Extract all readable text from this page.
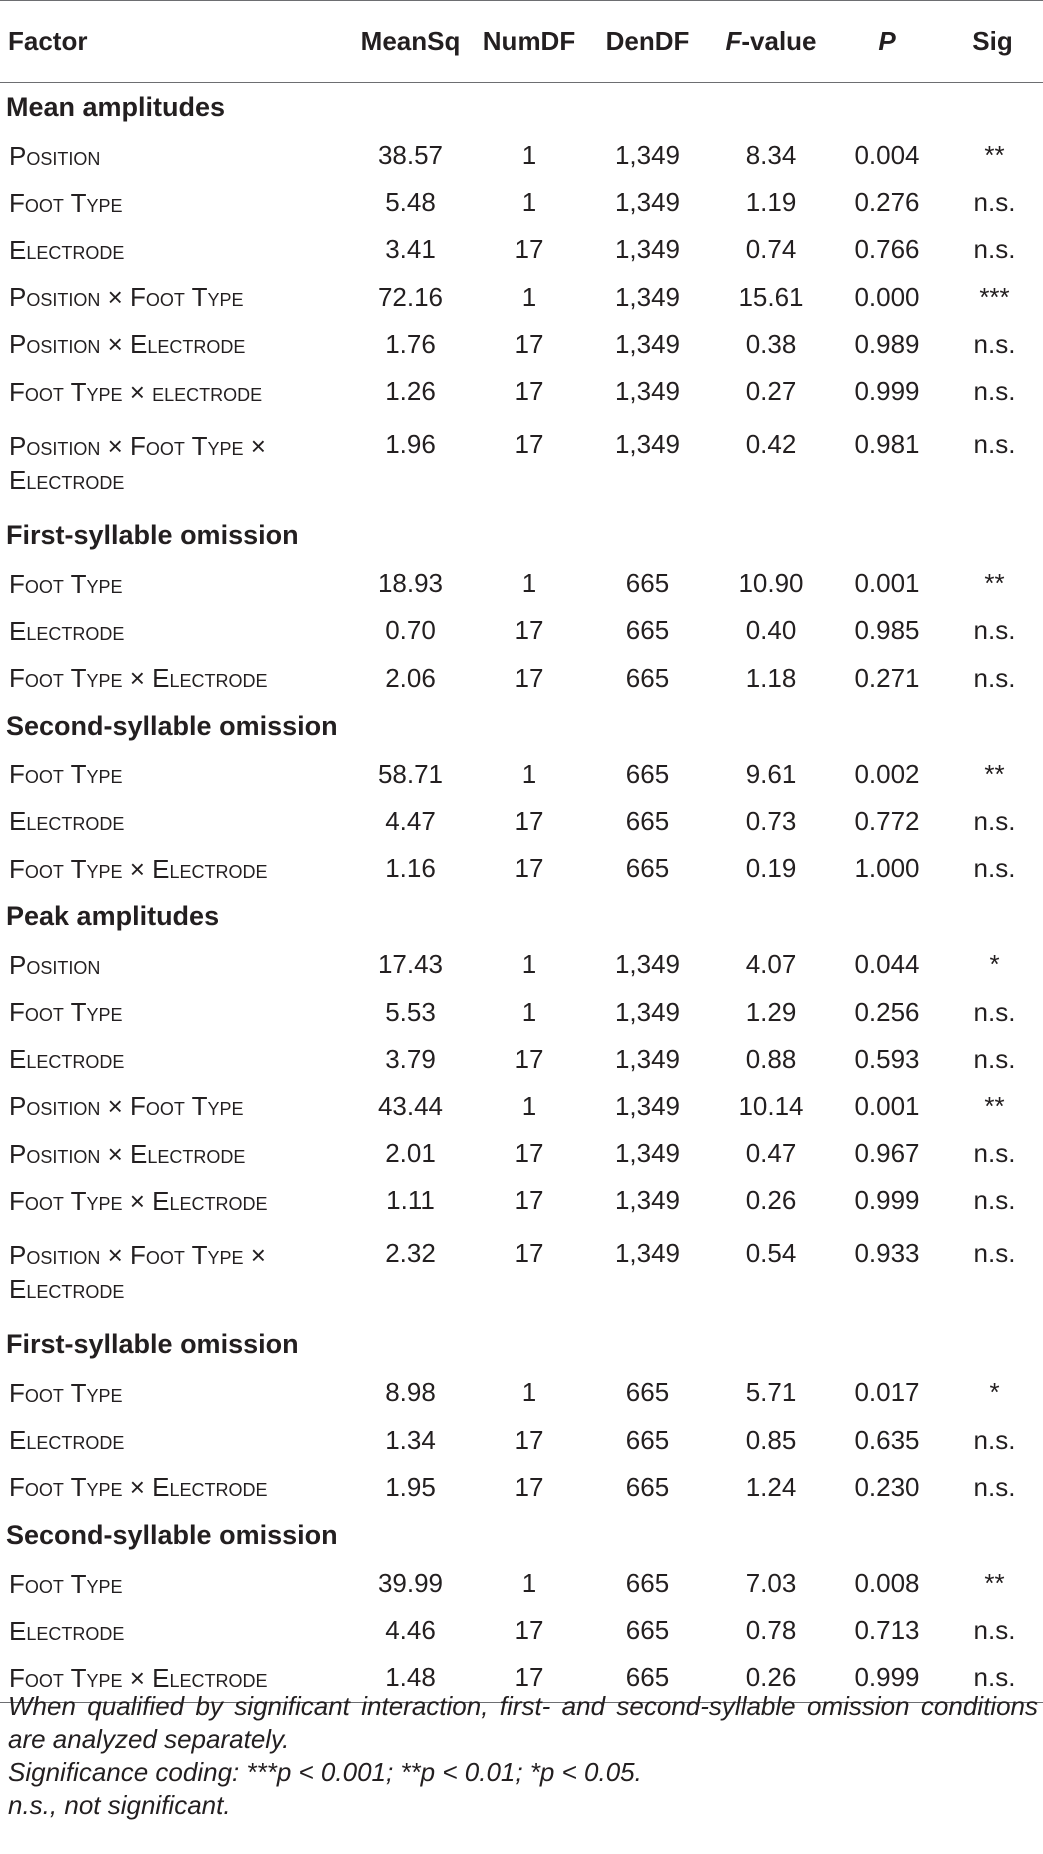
Factor	MeanSq	NumDF	DenDF	F-value	P	Sig
Mean amplitudes						
Position	38.57	1	1,349	8.34	0.004	**
Foot Type	5.48	1	1,349	1.19	0.276	n.s.
Electrode	3.41	17	1,349	0.74	0.766	n.s.
Position × Foot Type	72.16	1	1,349	15.61	0.000	***
Position × Electrode	1.76	17	1,349	0.38	0.989	n.s.
Foot Type × electrode	1.26	17	1,349	0.27	0.999	n.s.
Position × Foot Type × Electrode	1.96	17	1,349	0.42	0.981	n.s.
First-syllable omission						
Foot Type	18.93	1	665	10.90	0.001	**
Electrode	0.70	17	665	0.40	0.985	n.s.
Foot Type × Electrode	2.06	17	665	1.18	0.271	n.s.
Second-syllable omission						
Foot Type	58.71	1	665	9.61	0.002	**
Electrode	4.47	17	665	0.73	0.772	n.s.
Foot Type × Electrode	1.16	17	665	0.19	1.000	n.s.
Peak amplitudes						
Position	17.43	1	1,349	4.07	0.044	*
Foot Type	5.53	1	1,349	1.29	0.256	n.s.
Electrode	3.79	17	1,349	0.88	0.593	n.s.
Position × Foot Type	43.44	1	1,349	10.14	0.001	**
Position × Electrode	2.01	17	1,349	0.47	0.967	n.s.
Foot Type × Electrode	1.11	17	1,349	0.26	0.999	n.s.
Position × Foot Type × Electrode	2.32	17	1,349	0.54	0.933	n.s.
First-syllable omission						
Foot Type	8.98	1	665	5.71	0.017	*
Electrode	1.34	17	665	0.85	0.635	n.s.
Foot Type × Electrode	1.95	17	665	1.24	0.230	n.s.
Second-syllable omission						
Foot Type	39.99	1	665	7.03	0.008	**
Electrode	4.46	17	665	0.78	0.713	n.s.
Foot Type × Electrode	1.48	17	665	0.26	0.999	n.s.

When qualified by significant interaction, first- and second-syllable omission conditions are analyzed separately.

Significance coding: ***p < 0.001; **p < 0.01; *p < 0.05.

n.s., not significant.
